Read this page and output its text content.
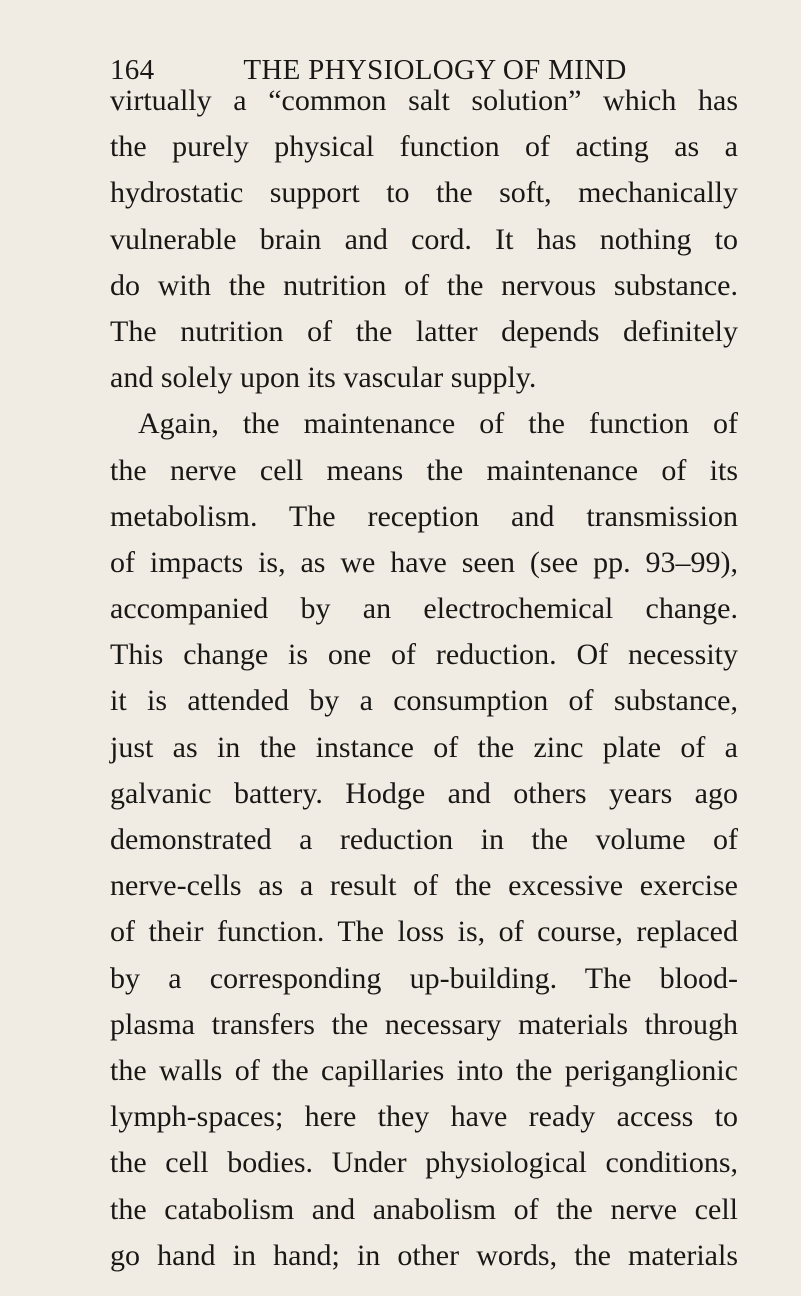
164	THE PHYSIOLOGY OF MIND
virtually a “common salt solution” which has
the purely physical function of acting as a
hydrostatic support to the soft, mechanically
vulnerable brain and cord. It has nothing to
do with the nutrition of the nervous substance.
The nutrition of the latter depends definitely
and solely upon its vascular supply.
Again, the maintenance of the function of
the nerve cell means the maintenance of its
metabolism. The reception and transmission
of impacts is, as we have seen (see pp. 93–99),
accompanied by an electrochemical change.
This change is one of reduction. Of necessity
it is attended by a consumption of substance,
just as in the instance of the zinc plate of a
galvanic battery. Hodge and others years ago
demonstrated a reduction in the volume of
nerve-cells as a result of the excessive exercise
of their function. The loss is, of course, replaced
by a corresponding up-building. The blood-
plasma transfers the necessary materials through
the walls of the capillaries into the periganglionic
lymph-spaces; here they have ready access to
the cell bodies. Under physiological conditions,
the catabolism and anabolism of the nerve cell
go hand in hand; in other words, the materials
